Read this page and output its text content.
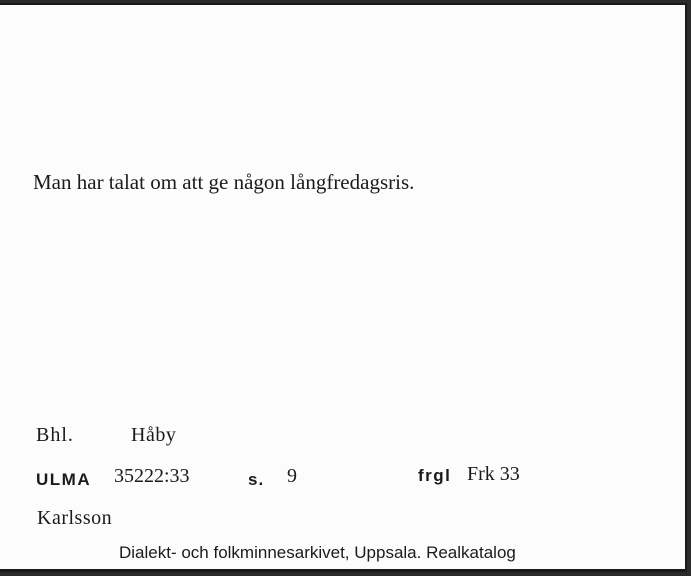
Man har talat om att ge någon långfredagsris.
Bhl.	Håby
ULMA 35222:33	s. 9	frgl Frk 33
Karlsson
Dialekt- och folkminnesarkivet, Uppsala. Realkatalog
